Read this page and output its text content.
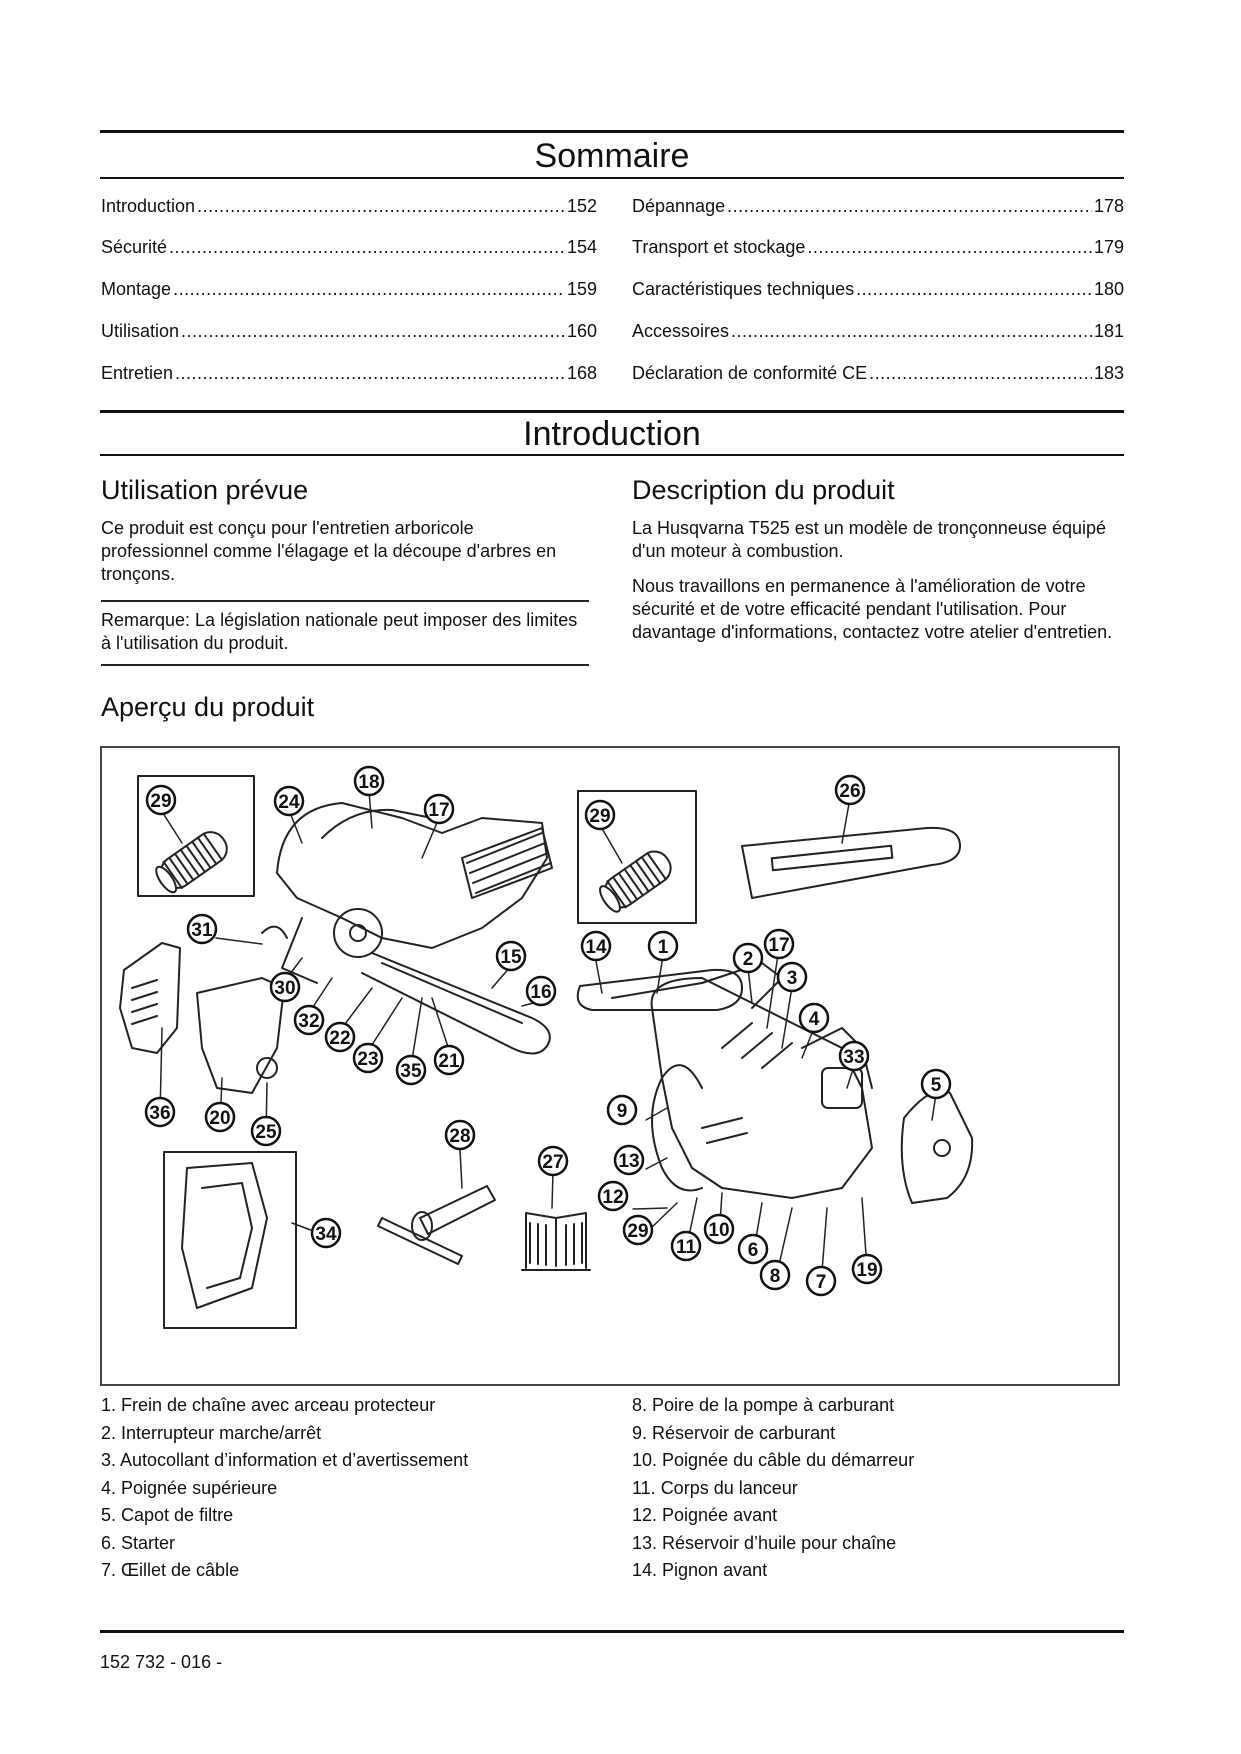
Sommaire
Introduction .....	152
Sécurité .....	154
Montage .....	159
Utilisation .....	160
Entretien .....	168
Dépannage .....	178
Transport et stockage .....	179
Caractéristiques techniques .....	180
Accessoires .....	181
Déclaration de conformité CE .....	183
Introduction
Utilisation prévue

Ce produit est conçu pour l'entretien arboricole professionnel comme l'élagage et la découpe d'arbres en tronçons.

Remarque: La législation nationale peut imposer des limites à l'utilisation du produit.

Description du produit

La Husqvarna T525 est un modèle de tronçonneuse équipé d'un moteur à combustion.

Nous travaillons en permanence à l'amélioration de votre sécurité et de votre efficacité pendant l'utilisation. Pour davantage d'informations, contactez votre atelier d'entretien.

Aperçu du produit
29	24
18
17	29
26
31
30
32
22
23
35 21
15
16
14	1
2
17
3
4
33
5
36 20
25
34
28
27
9
13
12
29
11
10
6
8 7
19
1. Frein de chaîne avec arceau protecteur
2. Interrupteur marche/arrêt
3. Autocollant d’information et d’avertissement
4. Poignée supérieure
5. Capot de filtre
6. Starter
7. Œillet de câble
8. Poire de la pompe à carburant
9. Réservoir de carburant
10. Poignée du câble du démarreur
11. Corps du lanceur
12. Poignée avant
13. Réservoir d’huile pour chaîne
14. Pignon avant
152 732 - 016 -
